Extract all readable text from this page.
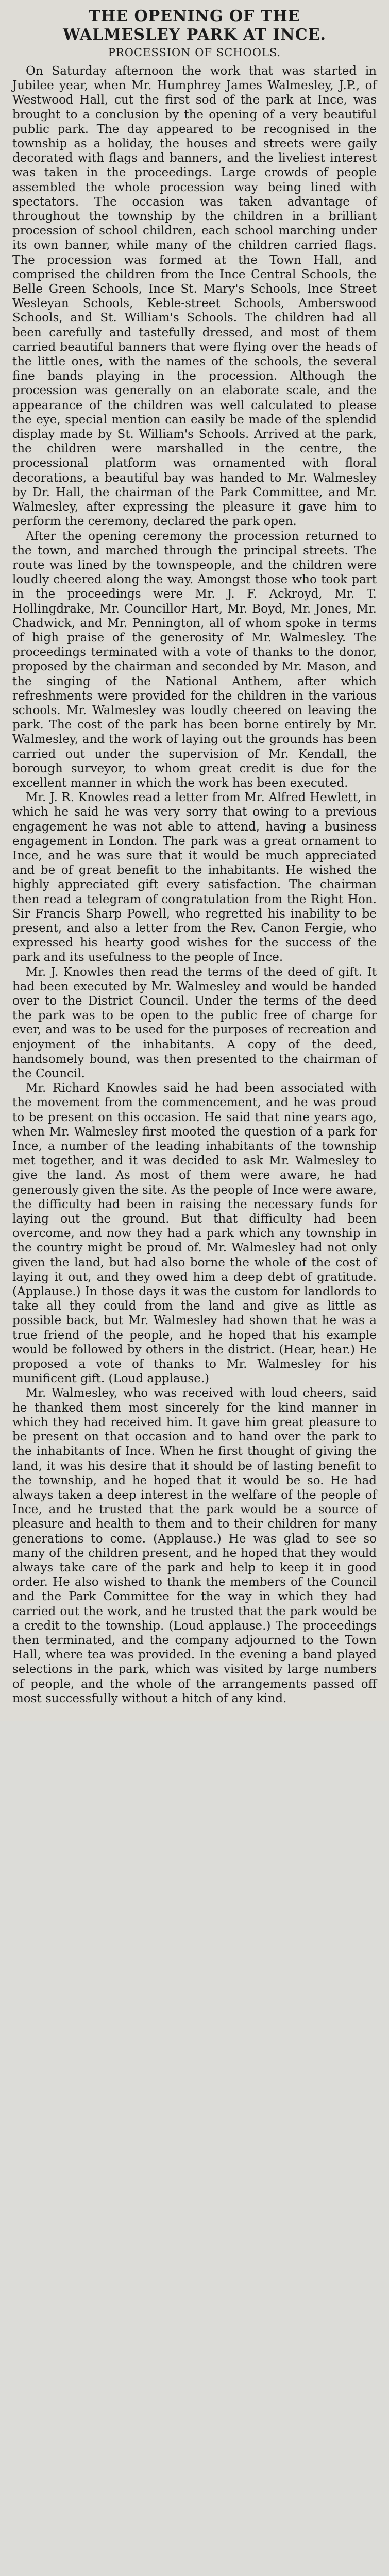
THE OPENING OF THE
WALMESLEY PARK AT INCE.
PROCESSION OF SCHOOLS.

On Saturday afternoon the work that was started in Jubilee year, when Mr. Humphrey James Walmesley, J.P., of Westwood Hall, cut the first sod of the park at Ince, was brought to a conclusion by the opening of a very beautiful public park. The day appeared to be recognised in the township as a holiday, the houses and streets were gaily decorated with flags and banners, and the liveliest interest was taken in the proceedings. Large crowds of people assembled the whole procession way being lined with spectators. The occasion was taken advantage of throughout the township by the children in a brilliant procession of school children, each school marching under its own banner, while many of the children carried flags. The procession was formed at the Town Hall, and comprised the children from the Ince Central Schools, the Belle Green Schools, Ince St. Mary's Schools, Ince Street Wesleyan Schools, Keble-street Schools, Amberswood Schools, and St. William's Schools. The children had all been carefully and tastefully dressed, and most of them carried beautiful banners that were flying over the heads of the little ones, with the names of the schools, the several fine bands playing in the procession. Although the procession was generally on an elaborate scale, and the appearance of the children was well calculated to please the eye, special mention can easily be made of the splendid display made by St. William's Schools. Arrived at the park, the children were marshalled in the centre, the processional platform was ornamented with floral decorations, a beautiful bay was handed to Mr. Walmesley by Dr. Hall, the chairman of the Park Committee, and Mr. Walmesley, after expressing the pleasure it gave him to perform the ceremony, declared the park open.

After the opening ceremony the procession returned to the town, and marched through the principal streets. The route was lined by the townspeople, and the children were loudly cheered along the way. Amongst those who took part in the proceedings were Mr. J. F. Ackroyd, Mr. T. Hollingdrake, Mr. Councillor Hart, Mr. Boyd, Mr. Jones, Mr. Chadwick, and Mr. Pennington, all of whom spoke in terms of high praise of the generosity of Mr. Walmesley. The proceedings terminated with a vote of thanks to the donor, proposed by the chairman and seconded by Mr. Mason, and the singing of the National Anthem, after which refreshments were provided for the children in the various schools. Mr. Walmesley was loudly cheered on leaving the park. The cost of the park has been borne entirely by Mr. Walmesley, and the work of laying out the grounds has been carried out under the supervision of Mr. Kendall, the borough surveyor, to whom great credit is due for the excellent manner in which the work has been executed.

Mr. J. R. Knowles read a letter from Mr. Alfred Hewlett, in which he said he was very sorry that owing to a previous engagement he was not able to attend, having a business engagement in London. The park was a great ornament to Ince, and he was sure that it would be much appreciated and be of great benefit to the inhabitants. He wished the highly appreciated gift every satisfaction. The chairman then read a telegram of congratulation from the Right Hon. Sir Francis Sharp Powell, who regretted his inability to be present, and also a letter from the Rev. Canon Fergie, who expressed his hearty good wishes for the success of the park and its usefulness to the people of Ince.

Mr. J. Knowles then read the terms of the deed of gift. It had been executed by Mr. Walmesley and would be handed over to the District Council. Under the terms of the deed the park was to be open to the public free of charge for ever, and was to be used for the purposes of recreation and enjoyment of the inhabitants. A copy of the deed, handsomely bound, was then presented to the chairman of the Council.

Mr. Richard Knowles said he had been associated with the movement from the commencement, and he was proud to be present on this occasion. He said that nine years ago, when Mr. Walmesley first mooted the question of a park for Ince, a number of the leading inhabitants of the township met together, and it was decided to ask Mr. Walmesley to give the land. As most of them were aware, he had generously given the site. As the people of Ince were aware, the difficulty had been in raising the necessary funds for laying out the ground. But that difficulty had been overcome, and now they had a park which any township in the country might be proud of. Mr. Walmesley had not only given the land, but had also borne the whole of the cost of laying it out, and they owed him a deep debt of gratitude. (Applause.) In those days it was the custom for landlords to take all they could from the land and give as little as possible back, but Mr. Walmesley had shown that he was a true friend of the people, and he hoped that his example would be followed by others in the district. (Hear, hear.) He proposed a vote of thanks to Mr. Walmesley for his munificent gift. (Loud applause.)

Mr. Walmesley, who was received with loud cheers, said he thanked them most sincerely for the kind manner in which they had received him. It gave him great pleasure to be present on that occasion and to hand over the park to the inhabitants of Ince. When he first thought of giving the land, it was his desire that it should be of lasting benefit to the township, and he hoped that it would be so. He had always taken a deep interest in the welfare of the people of Ince, and he trusted that the park would be a source of pleasure and health to them and to their children for many generations to come. (Applause.) He was glad to see so many of the children present, and he hoped that they would always take care of the park and help to keep it in good order. He also wished to thank the members of the Council and the Park Committee for the way in which they had carried out the work, and he trusted that the park would be a credit to the township. (Loud applause.) The proceedings then terminated, and the company adjourned to the Town Hall, where tea was provided. In the evening a band played selections in the park, which was visited by large numbers of people, and the whole of the arrangements passed off most successfully without a hitch of any kind.
